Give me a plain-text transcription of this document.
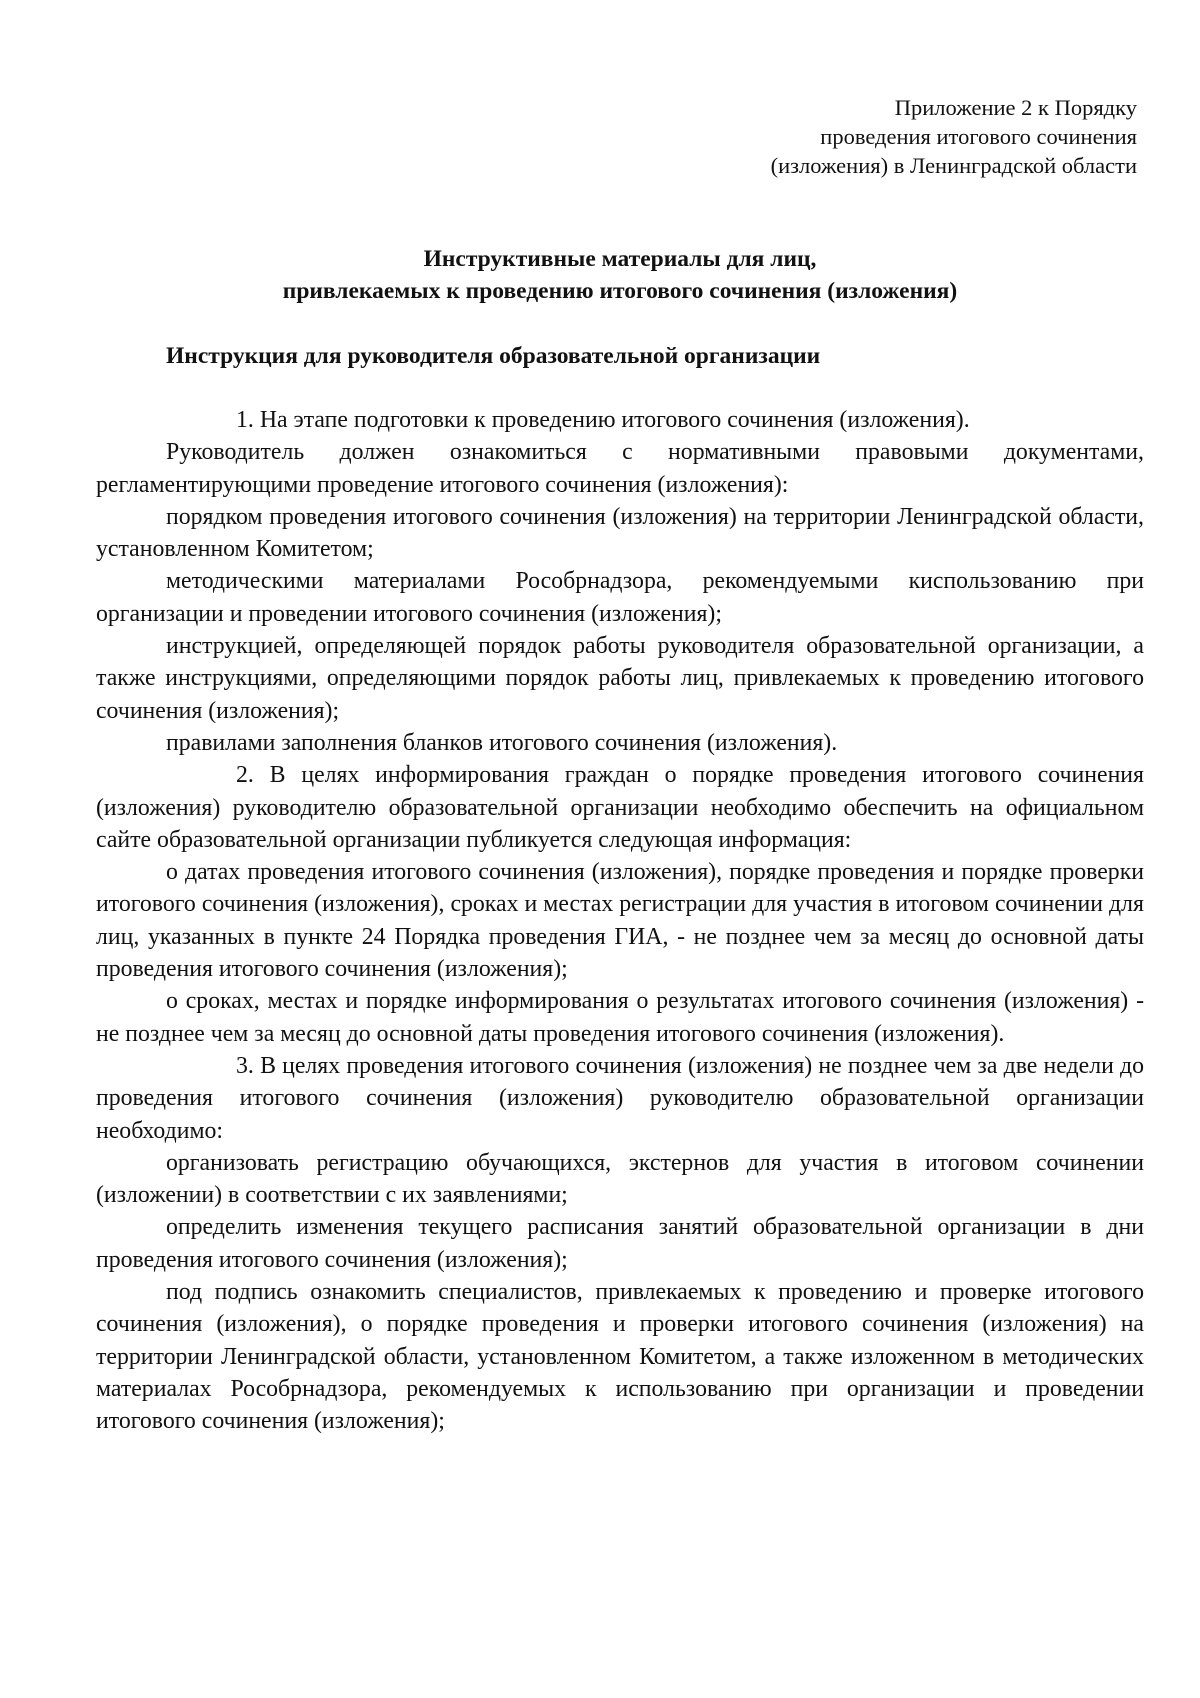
Приложение 2 к Порядку
проведения итогового сочинения
(изложения) в Ленинградской области
Инструктивные материалы для лиц,
привлекаемых к проведению итогового сочинения (изложения)
Инструкция для руководителя образовательной организации

1. На этапе подготовки к проведению итогового сочинения (изложения).

Руководитель должен ознакомиться с нормативными правовыми документами, регламентирующими проведение итогового сочинения (изложения):

порядком проведения итогового сочинения (изложения) на территории Ленинградской области, установленном Комитетом;

методическими материалами Рособрнадзора, рекомендуемыми киспользованию при организации и проведении итогового сочинения (изложения);

инструкцией, определяющей порядок работы руководителя образовательной организации, а также инструкциями, определяющими порядок работы лиц, привлекаемых к проведению итогового сочинения (изложения);

правилами заполнения бланков итогового сочинения (изложения).

2. В целях информирования граждан о порядке проведения итогового сочинения (изложения) руководителю образовательной организации необходимо обеспечить на официальном сайте образовательной организации публикуется следующая информация:

о датах проведения итогового сочинения (изложения), порядке проведения и порядке проверки итогового сочинения (изложения), сроках и местах регистрации для участия в итоговом сочинении для лиц, указанных в пункте 24 Порядка проведения ГИА, - не позднее чем за месяц до основной даты проведения итогового сочинения (изложения);

о сроках, местах и порядке информирования о результатах итогового сочинения (изложения) - не позднее чем за месяц до основной даты проведения итогового сочинения (изложения).

3. В целях проведения итогового сочинения (изложения) не позднее чем за две недели до проведения итогового сочинения (изложения) руководителю образовательной организации необходимо:

организовать регистрацию обучающихся, экстернов для участия в итоговом сочинении (изложении) в соответствии с их заявлениями;

определить изменения текущего расписания занятий образовательной организации в дни проведения итогового сочинения (изложения);

под подпись ознакомить специалистов, привлекаемых к проведению и проверке итогового сочинения (изложения), о порядке проведения и проверки итогового сочинения (изложения) на территории Ленинградской области, установленном Комитетом, а также изложенном в методических материалах Рособрнадзора, рекомендуемых к использованию при организации и проведении итогового сочинения (изложения);
